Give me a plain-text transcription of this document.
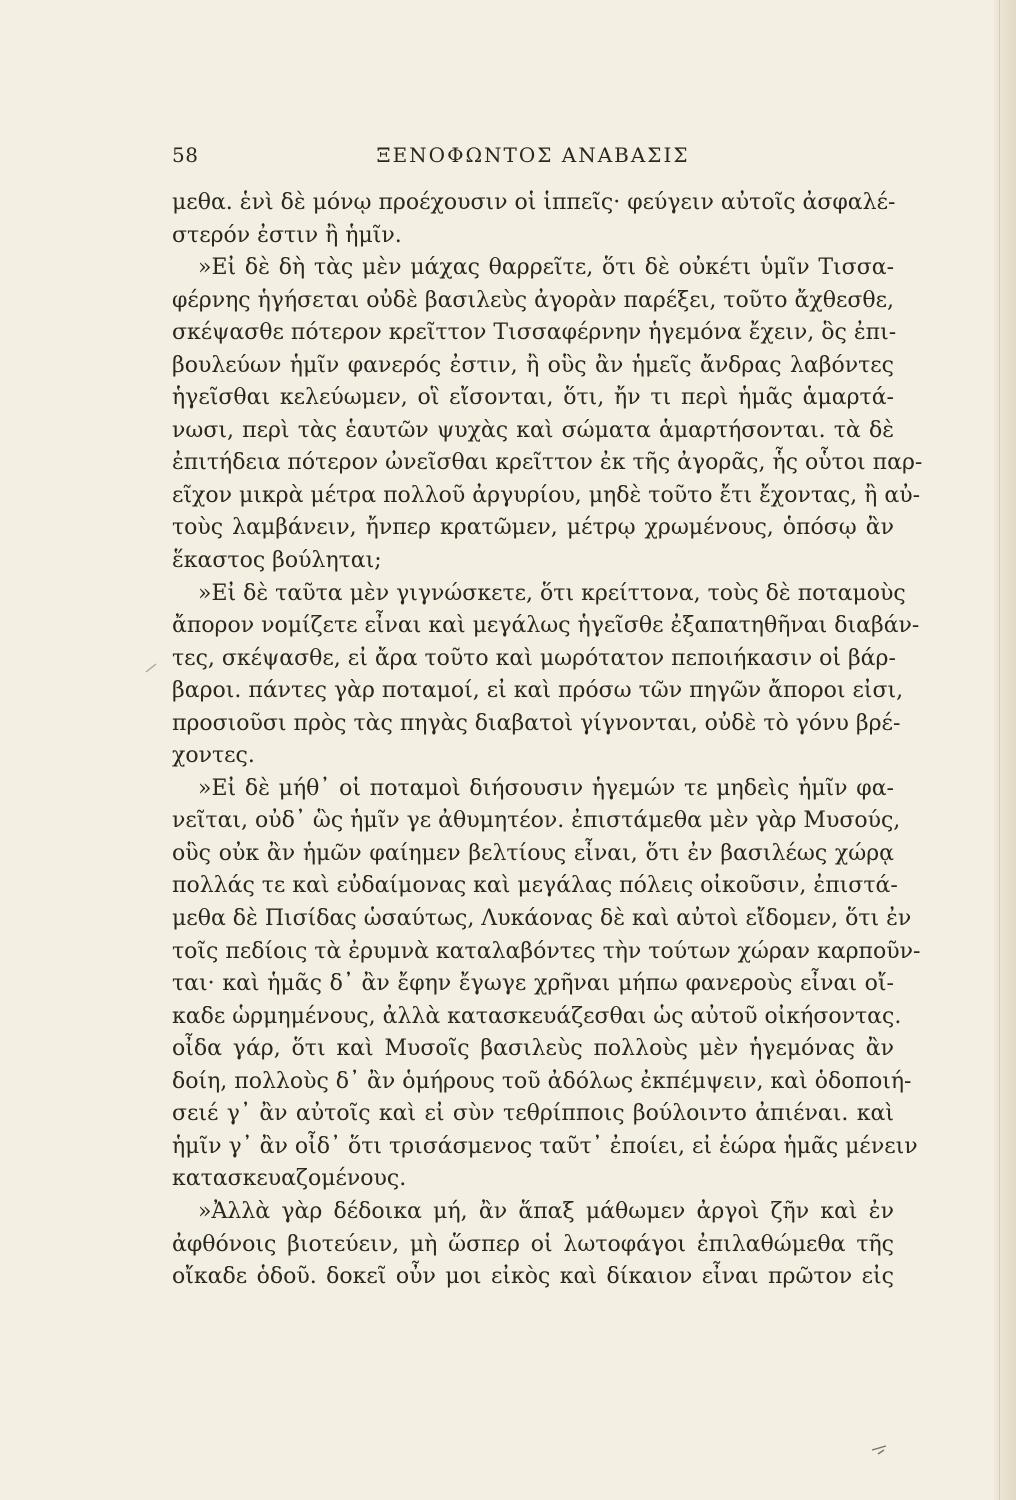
58	ΞΕΝΟΦΩΝΤΟΣ ΑΝΑΒΑΣΙΣ
μεθα. ἑνὶ δὲ μόνῳ προέχουσιν οἱ ἱππεῖς· φεύγειν αὐτοῖς ἀσφαλέ-
στερόν ἐστιν ἢ ἡμῖν.
»Εἰ δὲ δὴ τὰς μὲν μάχας θαρρεῖτε, ὅτι δὲ οὐκέτι ὑμῖν Τισσα-
φέρνης ἡγήσεται οὐδὲ βασιλεὺς ἀγορὰν παρέξει, τοῦτο ἄχθεσθε,
σκέψασθε πότερον κρεῖττον Τισσαφέρνην ἡγεμόνα ἔχειν, ὃς ἐπι-
βουλεύων ἡμῖν φανερός ἐστιν, ἢ οὓς ἂν ἡμεῖς ἄνδρας λαβόντες
ἡγεῖσθαι κελεύωμεν, οἳ εἴσονται, ὅτι, ἤν τι περὶ ἡμᾶς ἁμαρτά-
νωσι, περὶ τὰς ἑαυτῶν ψυχὰς καὶ σώματα ἁμαρτήσονται. τὰ δὲ
ἐπιτήδεια πότερον ὠνεῖσθαι κρεῖττον ἐκ τῆς ἀγορᾶς, ἧς οὗτοι παρ-
εῖχον μικρὰ μέτρα πολλοῦ ἀργυρίου, μηδὲ τοῦτο ἔτι ἔχοντας, ἢ αὐ-
τοὺς λαμβάνειν, ἤνπερ κρατῶμεν, μέτρῳ χρωμένους, ὁπόσῳ ἂν
ἕκαστος βούληται;
»Εἰ δὲ ταῦτα μὲν γιγνώσκετε, ὅτι κρείττονα, τοὺς δὲ ποταμοὺς
ἄπορον νομίζετε εἶναι καὶ μεγάλως ἡγεῖσθε ἐξαπατηθῆναι διαβάν-
τες, σκέψασθε, εἰ ἄρα τοῦτο καὶ μωρότατον πεποιήκασιν οἱ βάρ-
βαροι. πάντες γὰρ ποταμοί, εἰ καὶ πρόσω τῶν πηγῶν ἄποροι εἰσι,
προσιοῦσι πρὸς τὰς πηγὰς διαβατοὶ γίγνονται, οὐδὲ τὸ γόνυ βρέ-
χοντες.
»Εἰ δὲ μήθ᾽ οἱ ποταμοὶ διήσουσιν ἡγεμών τε μηδεὶς ἡμῖν φα-
νεῖται, οὐδ᾽ ὣς ἡμῖν γε ἀθυμητέον. ἐπιστάμεθα μὲν γὰρ Μυσούς,
οὓς οὐκ ἂν ἡμῶν φαίημεν βελτίους εἶναι, ὅτι ἐν βασιλέως χώρᾳ
πολλάς τε καὶ εὐδαίμονας καὶ μεγάλας πόλεις οἰκοῦσιν, ἐπιστά-
μεθα δὲ Πισίδας ὡσαύτως, Λυκάονας δὲ καὶ αὐτοὶ εἴδομεν, ὅτι ἐν
τοῖς πεδίοις τὰ ἐρυμνὰ καταλαβόντες τὴν τούτων χώραν καρποῦν-
ται· καὶ ἡμᾶς δ᾽ ἂν ἔφην ἔγωγε χρῆναι μήπω φανεροὺς εἶναι οἴ-
καδε ὡρμημένους, ἀλλὰ κατασκευάζεσθαι ὡς αὐτοῦ οἰκήσοντας.
οἶδα γάρ, ὅτι καὶ Μυσοῖς βασιλεὺς πολλοὺς μὲν ἡγεμόνας ἂν
δοίη, πολλοὺς δ᾽ ἂν ὁμήρους τοῦ ἀδόλως ἐκπέμψειν, καὶ ὁδοποιή-
σειέ γ᾽ ἂν αὐτοῖς καὶ εἰ σὺν τεθρίπποις βούλοιντο ἀπιέναι. καὶ
ἡμῖν γ᾽ ἂν οἶδ᾽ ὅτι τρισάσμενος ταῦτ᾽ ἐποίει, εἰ ἑώρα ἡμᾶς μένειν
κατασκευαζομένους.
»Ἀλλὰ γὰρ δέδοικα μή, ἂν ἅπαξ μάθωμεν ἀργοὶ ζῆν καὶ ἐν
ἀφθόνοις βιοτεύειν, μὴ ὥσπερ οἱ λωτοφάγοι ἐπιλαθώμεθα τῆς
οἴκαδε ὁδοῦ. δοκεῖ οὖν μοι εἰκὸς καὶ δίκαιον εἶναι πρῶτον εἰς
